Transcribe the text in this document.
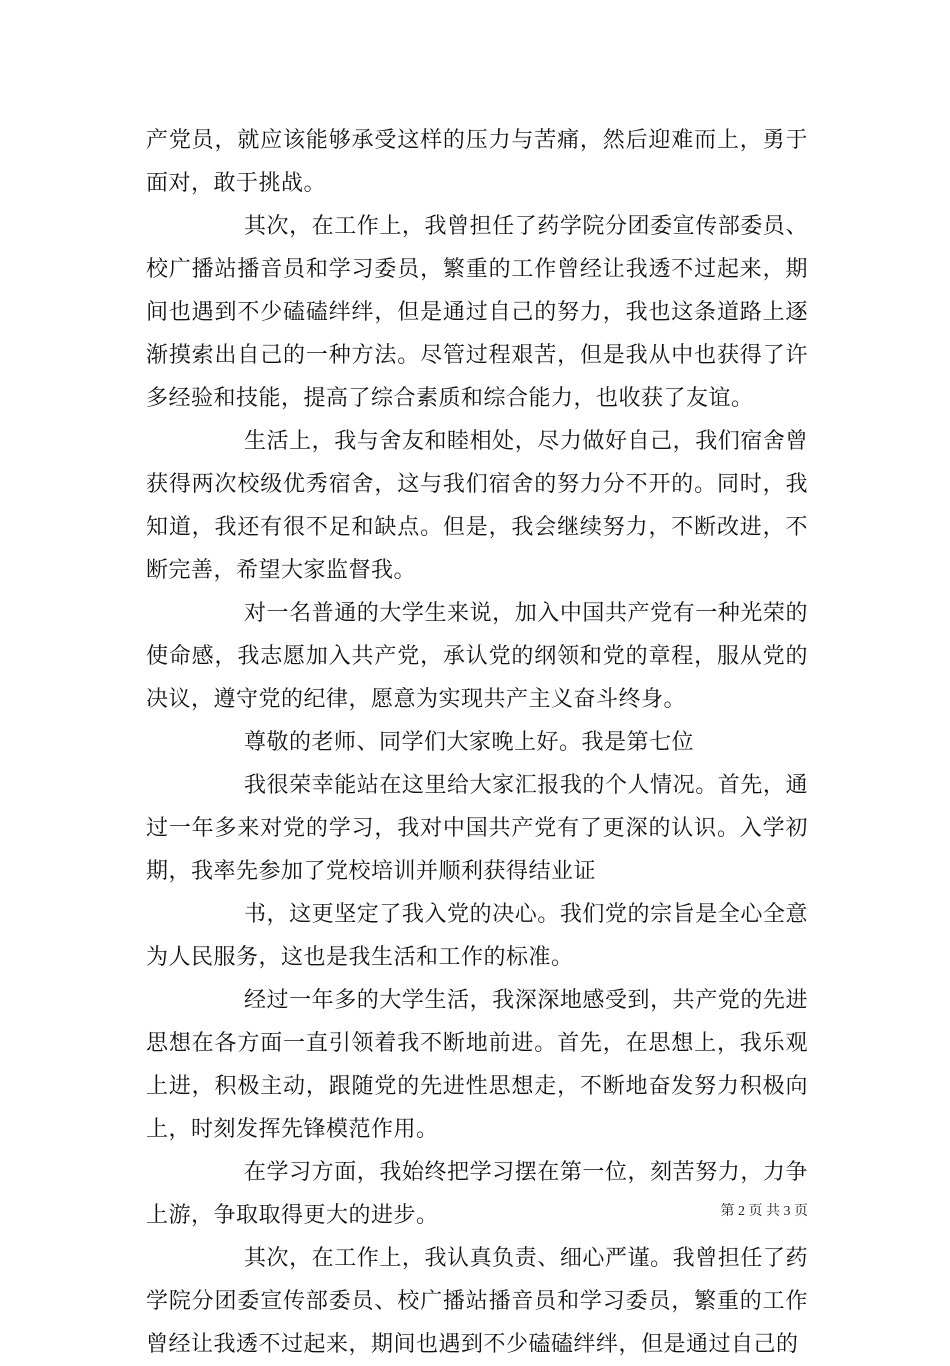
产党员，就应该能够承受这样的压力与苦痛，然后迎难而上，勇于面对，敢于挑战。

其次，在工作上，我曾担任了药学院分团委宣传部委员、校广播站播音员和学习委员，繁重的工作曾经让我透不过起来，期间也遇到不少磕磕绊绊，但是通过自己的努力，我也这条道路上逐渐摸索出自己的一种方法。尽管过程艰苦，但是我从中也获得了许多经验和技能，提高了综合素质和综合能力，也收获了友谊。

生活上，我与舍友和睦相处，尽力做好自己，我们宿舍曾获得两次校级优秀宿舍，这与我们宿舍的努力分不开的。同时，我知道，我还有很不足和缺点。但是，我会继续努力，不断改进，不断完善，希望大家监督我。

对一名普通的大学生来说，加入中国共产党有一种光荣的使命感，我志愿加入共产党，承认党的纲领和党的章程，服从党的决议，遵守党的纪律，愿意为实现共产主义奋斗终身。

尊敬的老师、同学们大家晚上好。我是第七位

我很荣幸能站在这里给大家汇报我的个人情况。首先，通过一年多来对党的学习，我对中国共产党有了更深的认识。入学初期，我率先参加了党校培训并顺利获得结业证

书，这更坚定了我入党的决心。我们党的宗旨是全心全意为人民服务，这也是我生活和工作的标准。

经过一年多的大学生活，我深深地感受到，共产党的先进思想在各方面一直引领着我不断地前进。首先，在思想上，我乐观上进，积极主动，跟随党的先进性思想走，不断地奋发努力积极向上，时刻发挥先锋模范作用。

在学习方面，我始终把学习摆在第一位，刻苦努力，力争上游，争取取得更大的进步。

其次，在工作上，我认真负责、细心严谨。我曾担任了药学院分团委宣传部委员、校广播站播音员和学习委员，繁重的工作曾经让我透不过起来，期间也遇到不少磕磕绊绊，但是通过自己的

第 2 页 共 3 页
